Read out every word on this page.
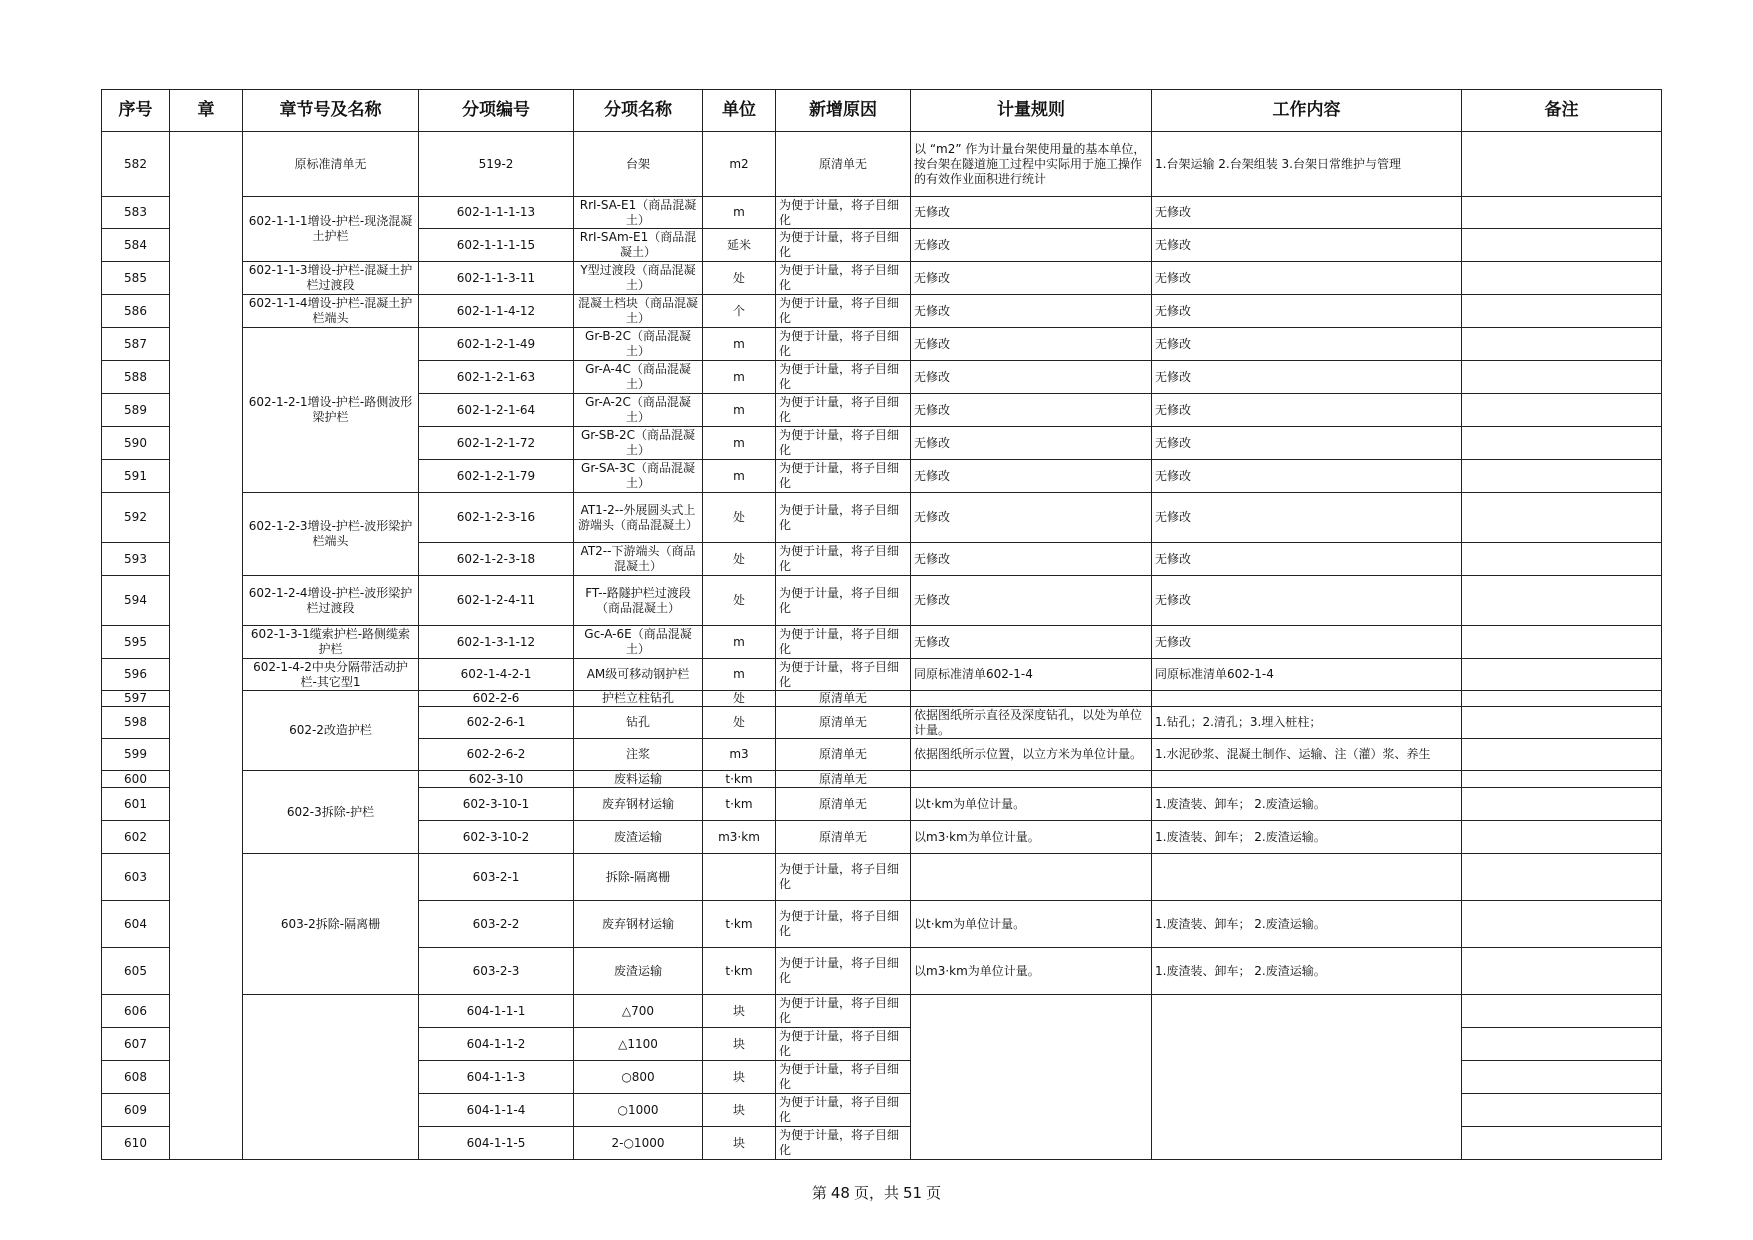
序号	章	章节号及名称	分项编号	分项名称	单位	新增原因	计量规则	工作内容	备注
582		原标准清单无	519-2	台架	m2	原清单无	以 “m2” 作为计量台架使用量的基本单位，按台架在隧道施工过程中实际用于施工操作的有效作业面积进行统计	1.台架运输 2.台架组装 3.台架日常维护与管理	
583		602-1-1-1增设-护栏-现浇混凝土护栏	602-1-1-1-13	RrI-SA-E1（商品混凝土）	m	为便于计量，将子目细化	无修改	无修改	
584			602-1-1-1-15	RrI-SAm-E1（商品混凝土）	延米	为便于计量，将子目细化	无修改	无修改	
585		602-1-1-3增设-护栏-混凝土护栏过渡段	602-1-1-3-11	Y型过渡段（商品混凝土）	处	为便于计量，将子目细化	无修改	无修改	
586		602-1-1-4增设-护栏-混凝土护栏端头	602-1-1-4-12	混凝土档块（商品混凝土）	个	为便于计量，将子目细化	无修改	无修改	
587		602-1-2-1增设-护栏-路侧波形梁护栏	602-1-2-1-49	Gr-B-2C（商品混凝土）	m	为便于计量，将子目细化	无修改	无修改	
588			602-1-2-1-63	Gr-A-4C（商品混凝土）	m	为便于计量，将子目细化	无修改	无修改	
589			602-1-2-1-64	Gr-A-2C（商品混凝土）	m	为便于计量，将子目细化	无修改	无修改	
590			602-1-2-1-72	Gr-SB-2C（商品混凝土）	m	为便于计量，将子目细化	无修改	无修改	
591			602-1-2-1-79	Gr-SA-3C（商品混凝土）	m	为便于计量，将子目细化	无修改	无修改	
592		602-1-2-3增设-护栏-波形梁护栏端头	602-1-2-3-16	AT1-2--外展圆头式上游端头（商品混凝土）	处	为便于计量，将子目细化	无修改	无修改	
593			602-1-2-3-18	AT2--下游端头（商品混凝土）	处	为便于计量，将子目细化	无修改	无修改	
594		602-1-2-4增设-护栏-波形梁护栏过渡段	602-1-2-4-11	FT--路隧护栏过渡段（商品混凝土）	处	为便于计量，将子目细化	无修改	无修改	
595		602-1-3-1缆索护栏-路侧缆索护栏	602-1-3-1-12	Gc-A-6E（商品混凝土）	m	为便于计量，将子目细化	无修改	无修改	
596		602-1-4-2中央分隔带活动护栏-其它型1	602-1-4-2-1	AM级可移动钢护栏	m	为便于计量，将子目细化	同原标准清单602-1-4	同原标准清单602-1-4	
597		602-2改造护栏	602-2-6	护栏立柱钻孔	处	原清单无			
598			602-2-6-1	钻孔	处	原清单无	依据图纸所示直径及深度钻孔，以处为单位计量。	1.钻孔；2.清孔；3.埋入桩柱；	
599			602-2-6-2	注浆	m3	原清单无	依据图纸所示位置，以立方米为单位计量。	1.水泥砂浆、混凝土制作、运输、注（灌）浆、养生	
600		602-3拆除-护栏	602-3-10	废料运输	t·km	原清单无			
601			602-3-10-1	废弃钢材运输	t·km	原清单无	以t·km为单位计量。	1.废渣装、卸车； 2.废渣运输。	
602			602-3-10-2	废渣运输	m3·km	原清单无	以m3·km为单位计量。	1.废渣装、卸车； 2.废渣运输。	
603		603-2拆除-隔离栅	603-2-1	拆除-隔离栅		为便于计量，将子目细化			
604			603-2-2	废弃钢材运输	t·km	为便于计量，将子目细化	以t·km为单位计量。	1.废渣装、卸车； 2.废渣运输。	
605			603-2-3	废渣运输	t·km	为便于计量，将子目细化	以m3·km为单位计量。	1.废渣装、卸车； 2.废渣运输。	
606			604-1-1-1	△700	块	为便于计量，将子目细化			
607			604-1-1-2	△1100	块	为便于计量，将子目细化			
608			604-1-1-3	○800	块	为便于计量，将子目细化			
609			604-1-1-4	○1000	块	为便于计量，将子目细化			
610			604-1-1-5	2-○1000	块	为便于计量，将子目细化			
第 48 页，共 51 页
